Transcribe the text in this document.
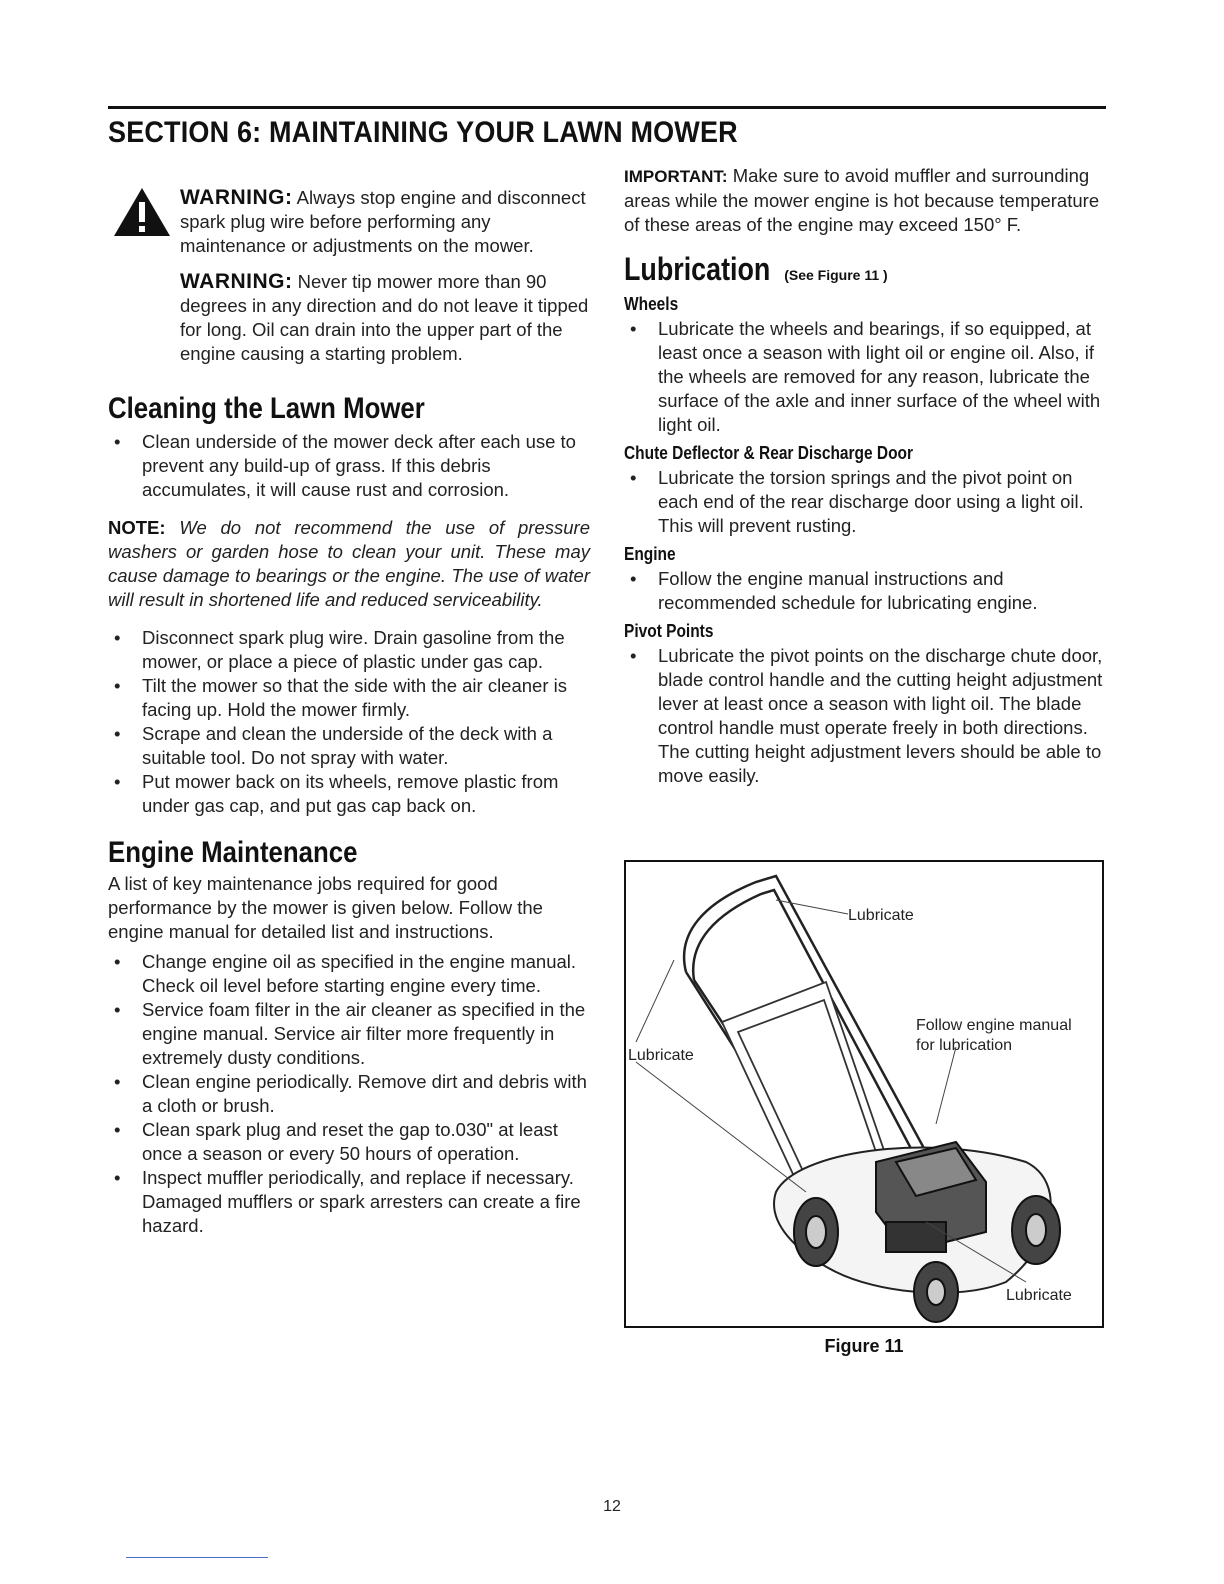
SECTION 6: MAINTAINING YOUR LAWN MOWER

WARNING: Always stop engine and disconnect spark plug wire before performing any maintenance or adjustments on the mower.

WARNING: Never tip mower more than 90 degrees in any direction and do not leave it tipped for long. Oil can drain into the upper part of the engine causing a starting problem.

Cleaning the Lawn Mower
• Clean underside of the mower deck after each use to prevent any build-up of grass. If this debris accumulates, it will cause rust and corrosion.

NOTE: We do not recommend the use of pressure washers or garden hose to clean your unit. These may cause damage to bearings or the engine. The use of water will result in shortened life and reduced serviceability.

• Disconnect spark plug wire. Drain gasoline from the mower, or place a piece of plastic under gas cap.
• Tilt the mower so that the side with the air cleaner is facing up. Hold the mower firmly.
• Scrape and clean the underside of the deck with a suitable tool. Do not spray with water.
• Put mower back on its wheels, remove plastic from under gas cap, and put gas cap back on.
Engine Maintenance

A list of key maintenance jobs required for good performance by the mower is given below. Follow the engine manual for detailed list and instructions.

• Change engine oil as specified in the engine manual. Check oil level before starting engine every time.
• Service foam filter in the air cleaner as specified in the engine manual. Service air filter more frequently in extremely dusty conditions.
• Clean engine periodically. Remove dirt and debris with a cloth or brush.
• Clean spark plug and reset the gap to.030" at least once a season or every 50 hours of operation.
• Inspect muffler periodically, and replace if necessary. Damaged mufflers or spark arresters can create a fire hazard.

IMPORTANT: Make sure to avoid muffler and surrounding areas while the mower engine is hot because temperature of these areas of the engine may exceed 150° F.

Lubrication (See Figure 11 )
Wheels
• Lubricate the wheels and bearings, if so equipped, at least once a season with light oil or engine oil. Also, if the wheels are removed for any reason, lubricate the surface of the axle and inner surface of the wheel with light oil.
Chute Deflector & Rear Discharge Door
• Lubricate the torsion springs and the pivot point on each end of the rear discharge door using a light oil. This will prevent rusting.
Engine
• Follow the engine manual instructions and recommended schedule for lubricating engine.
Pivot Points
• Lubricate the pivot points on the discharge chute door, blade control handle and the cutting height adjustment lever at least once a season with light oil. The blade control handle must operate freely in both directions. The cutting height adjustment levers should be able to move easily.
Lubricate
Lubricate
Follow engine manual
for lubrication
Lubricate
Figure 11
12
